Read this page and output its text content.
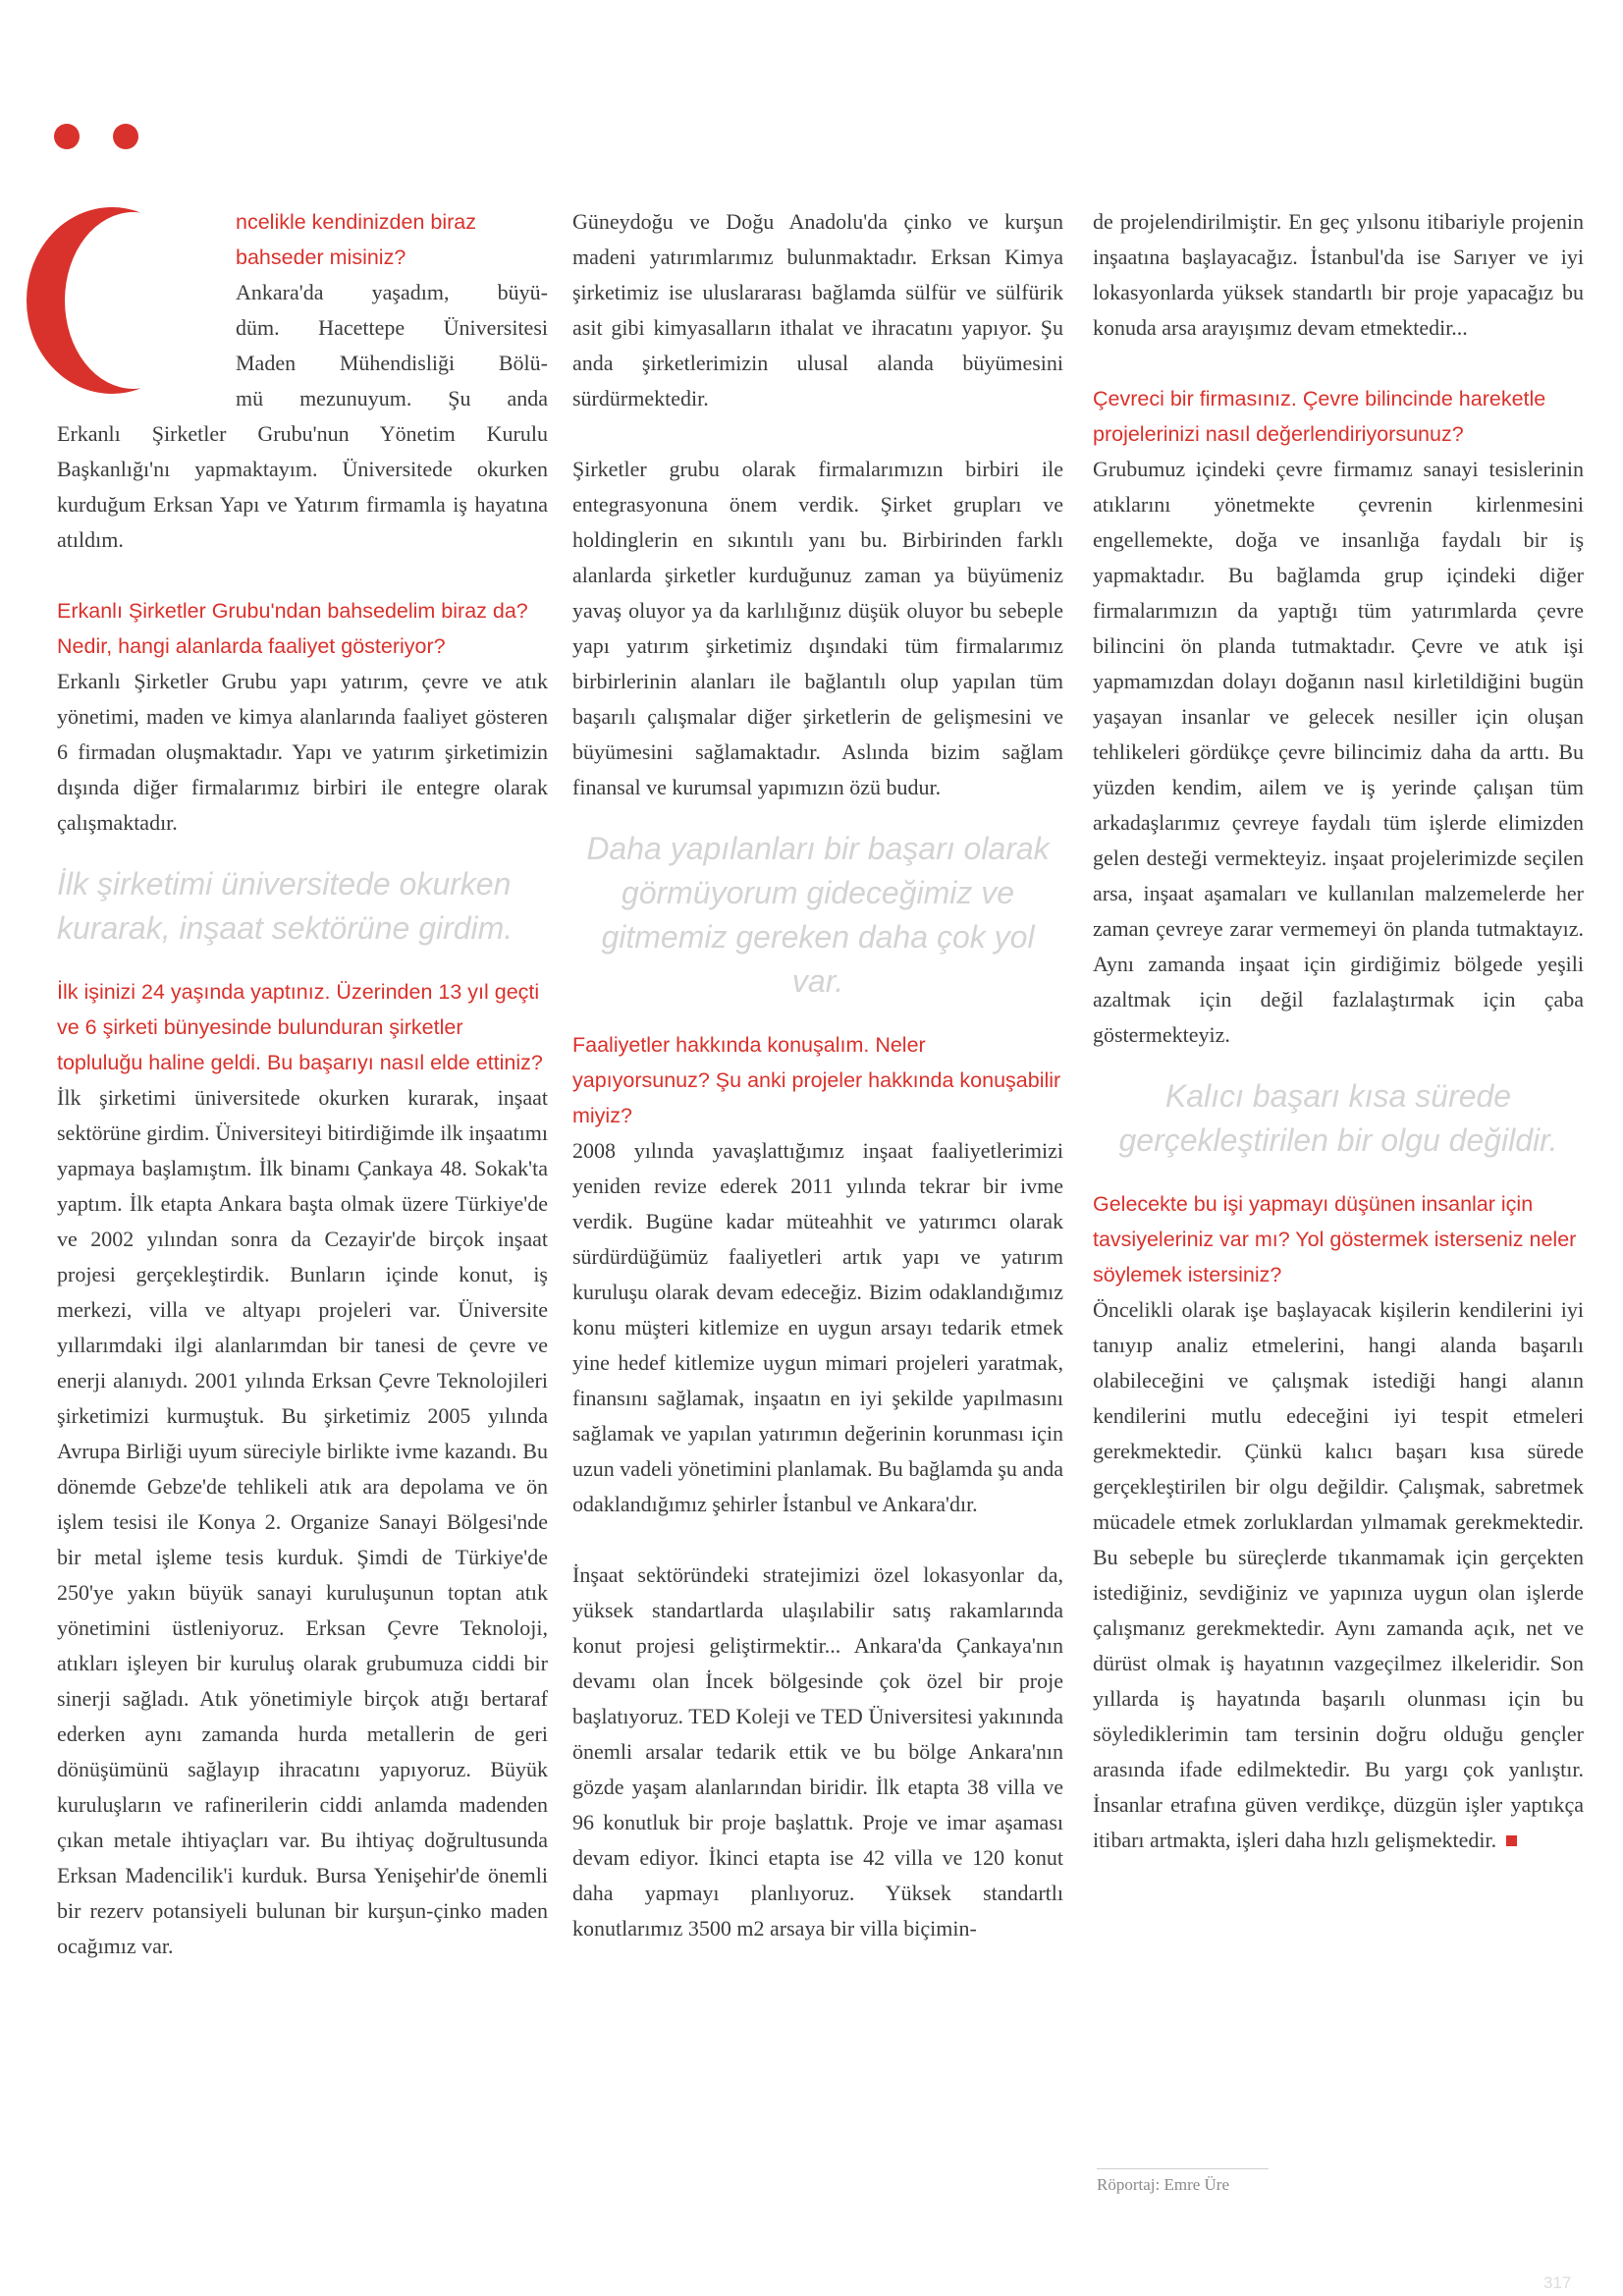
ncelikle kendinizden biraz

bahseder misiniz?

Ankara'da yaşadım, büyü-

düm. Hacettepe Üniversitesi

Maden Mühendisliği Bölü-

mü mezunuyum. Şu anda

Erkanlı Şirketler Grubu'nun Yönetim Kurulu Başkanlığı'nı yapmaktayım. Üniversitede okurken kurduğum Erksan Yapı ve Yatırım firmamla iş hayatına atıldım.

Erkanlı Şirketler Grubu'ndan bahsedelim biraz da? Nedir, hangi alanlarda faaliyet gösteriyor?

Erkanlı Şirketler Grubu yapı yatırım, çevre ve atık yönetimi, maden ve kimya alanlarında faaliyet gösteren 6 firmadan oluşmaktadır. Yapı ve yatırım şirketimizin dışında diğer firmalarımız birbiri ile entegre olarak çalışmaktadır.

İlk şirketimi üniversitede okurken kurarak, inşaat sektörüne girdim.

İlk işinizi 24 yaşında yaptınız. Üzerinden 13 yıl geçti ve 6 şirketi bünyesinde bulunduran şirketler topluluğu haline geldi. Bu başarıyı nasıl elde ettiniz?

İlk şirketimi üniversitede okurken kurarak, inşaat sektörüne girdim. Üniversiteyi bitirdiğimde ilk inşaatımı yapmaya başlamıştım. İlk binamı Çankaya 48. Sokak'ta yaptım. İlk etapta Ankara başta olmak üzere Türkiye'de ve 2002 yılından sonra da Cezayir'de birçok inşaat projesi gerçekleştirdik. Bunların içinde konut, iş merkezi, villa ve altyapı projeleri var. Üniversite yıllarımdaki ilgi alanlarımdan bir tanesi de çevre ve enerji alanıydı. 2001 yılında Erksan Çevre Teknolojileri şirketimizi kurmuştuk. Bu şirketimiz 2005 yılında Avrupa Birliği uyum süreciyle birlikte ivme kazandı. Bu dönemde Gebze'de tehlikeli atık ara depolama ve ön işlem tesisi ile Konya 2. Organize Sanayi Bölgesi'nde bir metal işleme tesis kurduk. Şimdi de Türkiye'de 250'ye yakın büyük sanayi kuruluşunun toptan atık yönetimini üstleniyoruz. Erksan Çevre Teknoloji, atıkları işleyen bir kuruluş olarak grubumuza ciddi bir sinerji sağladı. Atık yönetimiyle birçok atığı bertaraf ederken aynı zamanda hurda metallerin de geri dönüşümünü sağlayıp ihracatını yapıyoruz. Büyük kuruluşların ve rafinerilerin ciddi anlamda madenden çıkan metale ihtiyaçları var. Bu ihtiyaç doğrultusunda Erksan Madencilik'i kurduk. Bursa Yenişehir'de önemli bir rezerv potansiyeli bulunan bir kurşun-çinko maden ocağımız var.

Güneydoğu ve Doğu Anadolu'da çinko ve kurşun madeni yatırımlarımız bulunmaktadır. Erksan Kimya şirketimiz ise uluslararası bağlamda sülfür ve sülfürik asit gibi kimyasalların ithalat ve ihracatını yapıyor. Şu anda şirketlerimizin ulusal alanda büyümesini sürdürmektedir.

Şirketler grubu olarak firmalarımızın birbiri ile entegrasyonuna önem verdik. Şirket grupları ve holdinglerin en sıkıntılı yanı bu. Birbirinden farklı alanlarda şirketler kurduğunuz zaman ya büyümeniz yavaş oluyor ya da karlılığınız düşük oluyor bu sebeple yapı yatırım şirketimiz dışındaki tüm firmalarımız birbirlerinin alanları ile bağlantılı olup yapılan tüm başarılı çalışmalar diğer şirketlerin de gelişmesini ve büyümesini sağlamaktadır. Aslında bizim sağlam finansal ve kurumsal yapımızın özü budur.

Daha yapılanları bir başarı olarak görmüyorum gideceğimiz ve gitmemiz gereken daha çok yol var.

Faaliyetler hakkında konuşalım. Neler yapıyorsunuz? Şu anki projeler hakkında konuşabilir miyiz?

2008 yılında yavaşlattığımız inşaat faaliyetlerimizi yeniden revize ederek 2011 yılında tekrar bir ivme verdik. Bugüne kadar müteahhit ve yatırımcı olarak sürdürdüğümüz faaliyetleri artık yapı ve yatırım kuruluşu olarak devam edeceğiz. Bizim odaklandığımız konu müşteri kitlemize en uygun arsayı tedarik etmek yine hedef kitlemize uygun mimari projeleri yaratmak, finansını sağlamak, inşaatın en iyi şekilde yapılmasını sağlamak ve yapılan yatırımın değerinin korunması için uzun vadeli yönetimini planlamak. Bu bağlamda şu anda odaklandığımız şehirler İstanbul ve Ankara'dır.

İnşaat sektöründeki stratejimizi özel lokasyonlar da, yüksek standartlarda ulaşılabilir satış rakamlarında konut projesi geliştirmektir... Ankara'da Çankaya'nın devamı olan İncek bölgesinde çok özel bir proje başlatıyoruz. TED Koleji ve TED Üniversitesi yakınında önemli arsalar tedarik ettik ve bu bölge Ankara'nın gözde yaşam alanlarından biridir. İlk etapta 38 villa ve 96 konutluk bir proje başlattık. Proje ve imar aşaması devam ediyor. İkinci etapta ise 42 villa ve 120 konut daha yapmayı planlıyoruz. Yüksek standartlı konutlarımız 3500 m2 arsaya bir villa biçimin-

de projelendirilmiştir. En geç yılsonu itibariyle projenin inşaatına başlayacağız. İstanbul'da ise Sarıyer ve iyi lokasyonlarda yüksek standartlı bir proje yapacağız bu konuda arsa arayışımız devam etmektedir...

Çevreci bir firmasınız. Çevre bilincinde hareketle projelerinizi nasıl değerlendiriyorsunuz?

Grubumuz içindeki çevre firmamız sanayi tesislerinin atıklarını yönetmekte çevrenin kirlenmesini engellemekte, doğa ve insanlığa faydalı bir iş yapmaktadır. Bu bağlamda grup içindeki diğer firmalarımızın da yaptığı tüm yatırımlarda çevre bilincini ön planda tutmaktadır. Çevre ve atık işi yapmamızdan dolayı doğanın nasıl kirletildiğini bugün yaşayan insanlar ve gelecek nesiller için oluşan tehlikeleri gördükçe çevre bilincimiz daha da arttı. Bu yüzden kendim, ailem ve iş yerinde çalışan tüm arkadaşlarımız çevreye faydalı tüm işlerde elimizden gelen desteği vermekteyiz. inşaat projelerimizde seçilen arsa, inşaat aşamaları ve kullanılan malzemelerde her zaman çevreye zarar vermemeyi ön planda tutmaktayız. Aynı zamanda inşaat için girdiğimiz bölgede yeşili azaltmak için değil fazlalaştırmak için çaba göstermekteyiz.

Kalıcı başarı kısa sürede gerçekleştirilen bir olgu değildir.

Gelecekte bu işi yapmayı düşünen insanlar için tavsiyeleriniz var mı? Yol göstermek isterseniz neler söylemek istersiniz?

Öncelikli olarak işe başlayacak kişilerin kendilerini iyi tanıyıp analiz etmelerini, hangi alanda başarılı olabileceğini ve çalışmak istediği hangi alanın kendilerini mutlu edeceğini iyi tespit etmeleri gerekmektedir. Çünkü kalıcı başarı kısa sürede gerçekleştirilen bir olgu değildir. Çalışmak, sabretmek mücadele etmek zorluklardan yılmamak gerekmektedir. Bu sebeple bu süreçlerde tıkanmamak için gerçekten istediğiniz, sevdiğiniz ve yapınıza uygun olan işlerde çalışmanız gerekmektedir. Aynı zamanda açık, net ve dürüst olmak iş hayatının vazgeçilmez ilkeleridir. Son yıllarda iş hayatında başarılı olunması için bu söylediklerimin tam tersinin doğru olduğu gençler arasında ifade edilmektedir. Bu yargı çok yanlıştır. İnsanlar etrafına güven verdikçe, düzgün işler yaptıkça itibarı artmakta, işleri daha hızlı gelişmektedir.

Röportaj: Emre Üre
317
